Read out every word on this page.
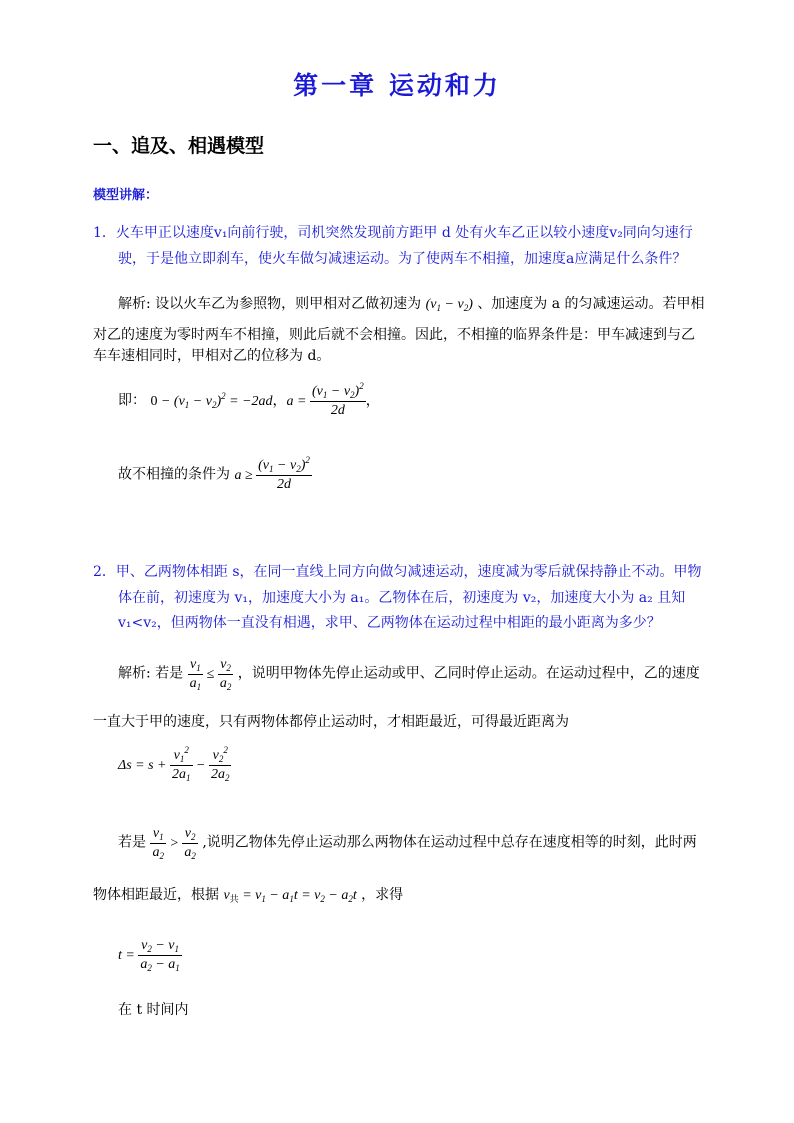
第一章 运动和力
一、追及、相遇模型
模型讲解：
1．火车甲正以速度v₁向前行驶，司机突然发现前方距甲 d 处有火车乙正以较小速度v₂同向匀速行
驶，于是他立即刹车，使火车做匀减速运动。为了使两车不相撞，加速度a应满足什么条件？
解析: 设以火车乙为参照物，则甲相对乙做初速为 $(v_1 - v_2)$ 、加速度为 a 的匀减速运动。若甲相
对乙的速度为零时两车不相撞，则此后就不会相撞。因此，不相撞的临界条件是：甲车减速到与乙
车车速相同时，甲相对乙的位移为 d。
即： $0 - (v_1 - v_2)^2 = -2ad$，$a = \frac{(v_1 - v_2)^2}{2d}$ ，
故不相撞的条件为 $a \ge \frac{(v_1 - v_2)^2}{2d}$
2．甲、乙两物体相距 s，在同一直线上同方向做匀减速运动，速度减为零后就保持静止不动。甲物
体在前，初速度为 v₁，加速度大小为 a₁。乙物体在后，初速度为 v₂，加速度大小为 a₂ 且知
v₁<v₂，但两物体一直没有相遇，求甲、乙两物体在运动过程中相距的最小距离为多少？
解析: 若是 $\frac{v_1}{a_1} \le \frac{v_2}{a_2}$ ，说明甲物体先停止运动或甲、乙同时停止运动。在运动过程中，乙的速度
一直大于甲的速度，只有两物体都停止运动时，才相距最近，可得最近距离为
$\Delta s = s + \frac{v_1^2}{2a_1} - \frac{v_2^2}{2a_2}$
若是 $\frac{v_1}{a_2} > \frac{v_2}{a_2}$ ,说明乙物体先停止运动那么两物体在运动过程中总存在速度相等的时刻，此时两
物体相距最近，根据 $v_共 = v_1 - a_1t = v_2 - a_2t$ ，求得
$t = \frac{v_2 - v_1}{a_2 - a_1}$
在 t 时间内
